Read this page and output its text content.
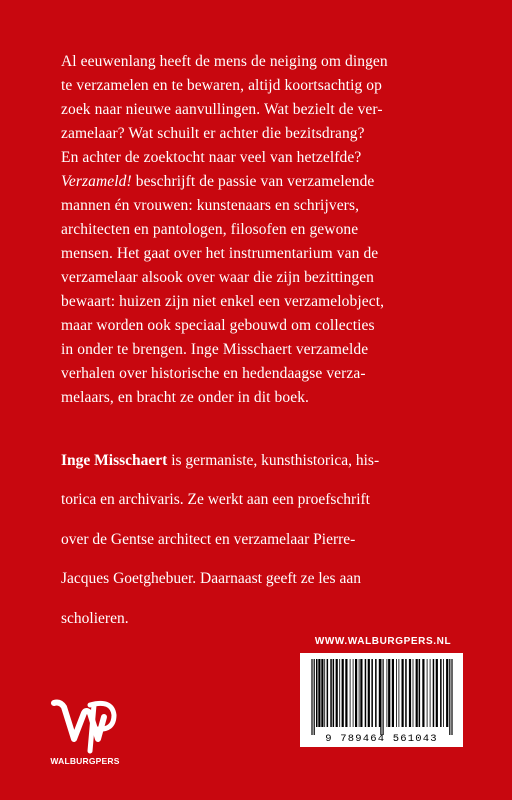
Al eeuwenlang heeft de mens de neiging om dingen

te verzamelen en te bewaren, altijd koortsachtig op

zoek naar nieuwe aanvullingen. Wat bezielt de ver-

zamelaar? Wat schuilt er achter die bezitsdrang?

En achter de zoektocht naar veel van hetzelfde?

Verzameld! beschrijft de passie van verzamelende

mannen én vrouwen: kunstenaars en schrijvers,

architecten en pantologen, filosofen en gewone

mensen. Het gaat over het instrumentarium van de

verzamelaar alsook over waar die zijn bezittingen

bewaart: huizen zijn niet enkel een verzamelobject,

maar worden ook speciaal gebouwd om collecties

in onder te brengen. Inge Misschaert verzamelde

verhalen over historische en hedendaagse verza-

melaars, en bracht ze onder in dit boek.

Inge Misschaert is germaniste, kunsthistorica, his-

torica en archivaris. Ze werkt aan een proefschrift

over de Gentse architect en verzamelaar Pierre-

Jacques Goetghebuer. Daarnaast geeft ze les aan

scholieren.

WWW.WALBURGPERS.NL
9 789464 561043
WALBURGPERS
